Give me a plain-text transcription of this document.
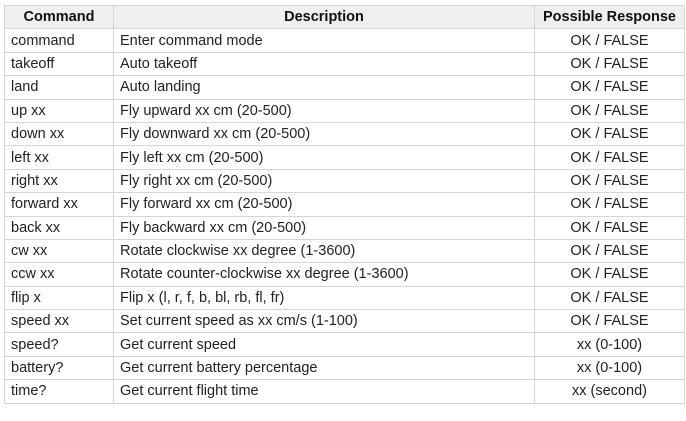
Command	Description	Possible Response
command	Enter command mode	OK / FALSE
takeoff	Auto takeoff	OK / FALSE
land	Auto landing	OK / FALSE
up xx	Fly upward xx cm (20-500)	OK / FALSE
down xx	Fly downward xx cm (20-500)	OK / FALSE
left xx	Fly left xx cm (20-500)	OK / FALSE
right xx	Fly right xx cm (20-500)	OK / FALSE
forward xx	Fly forward xx cm (20-500)	OK / FALSE
back xx	Fly backward xx cm (20-500)	OK / FALSE
cw xx	Rotate clockwise xx degree (1-3600)	OK / FALSE
ccw xx	Rotate counter-clockwise xx degree (1-3600)	OK / FALSE
flip x	Flip x (l, r, f, b, bl, rb, fl, fr)	OK / FALSE
speed xx	Set current speed as xx cm/s (1-100)	OK / FALSE
speed?	Get current speed	xx (0-100)
battery?	Get current battery percentage	xx (0-100)
time?	Get current flight time	xx (second)
